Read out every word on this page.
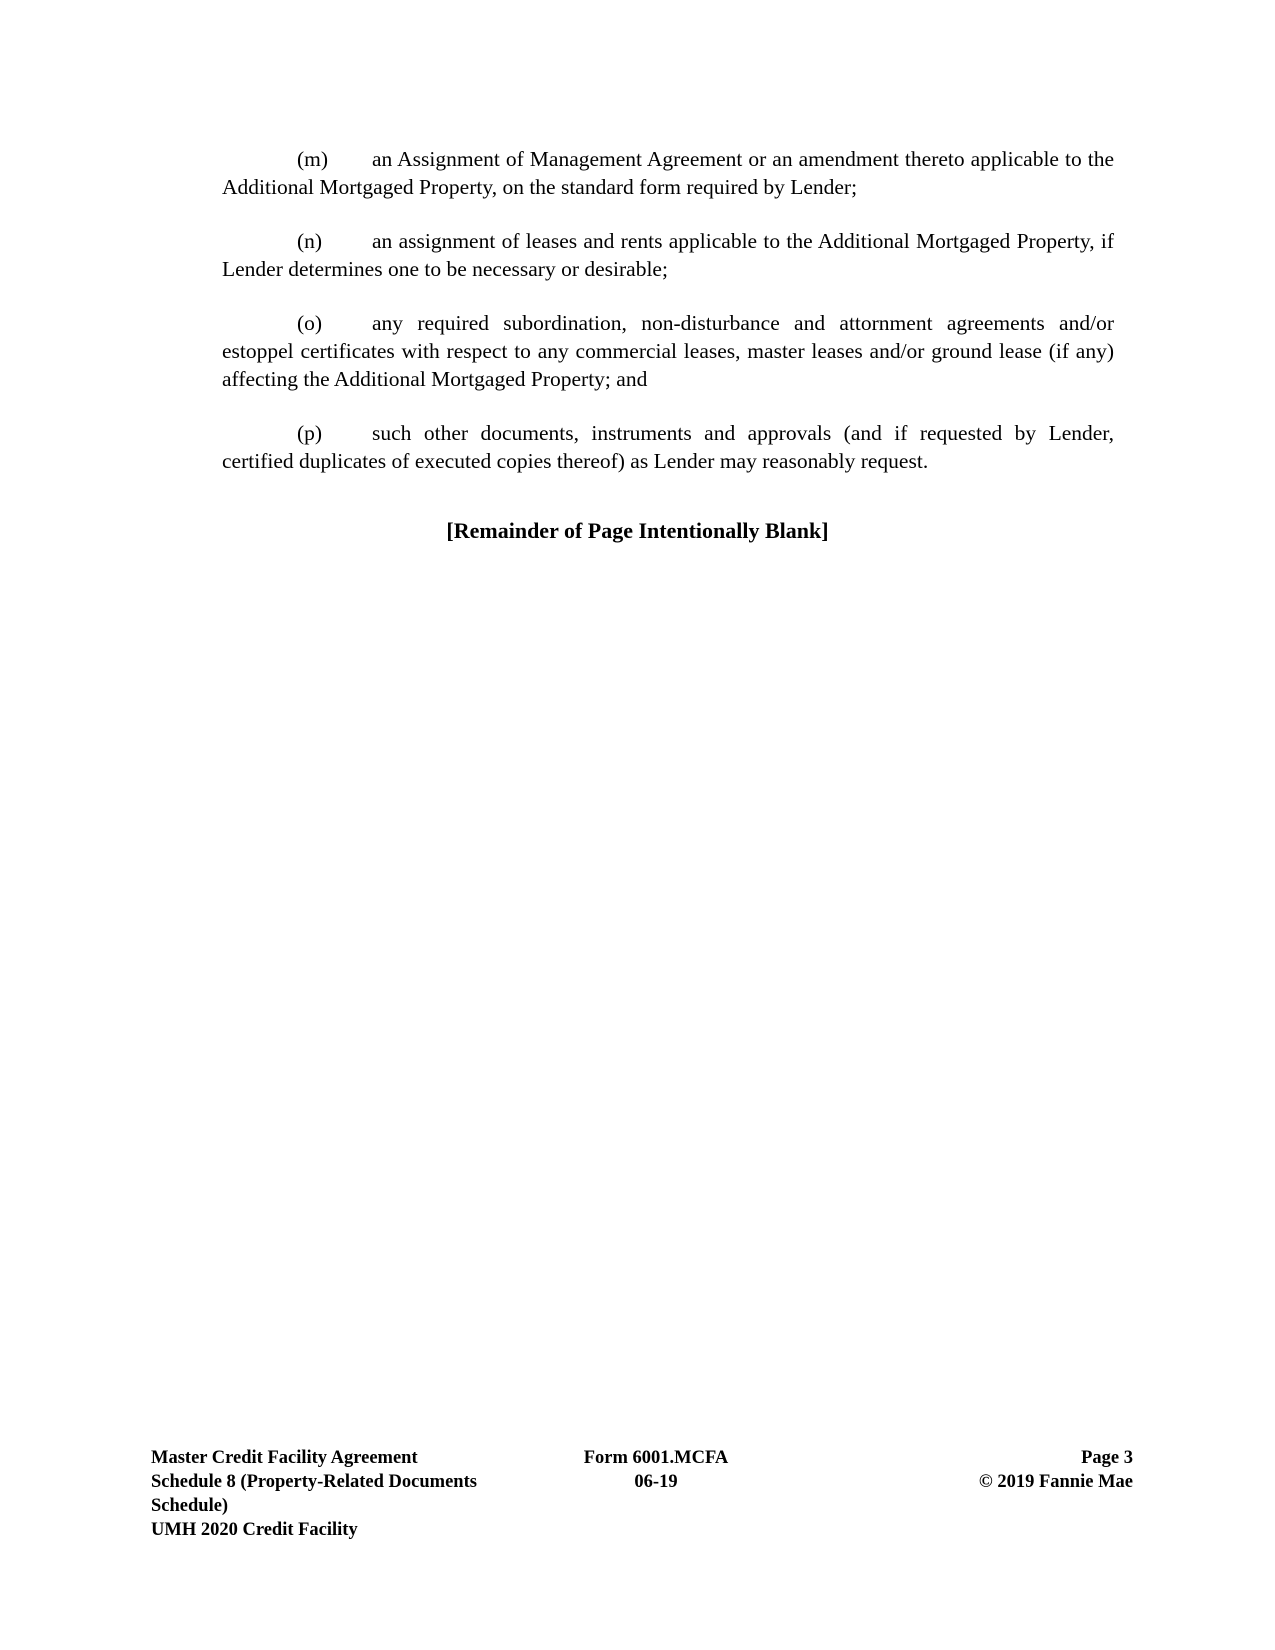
(m) an Assignment of Management Agreement or an amendment thereto applicable to the Additional Mortgaged Property, on the standard form required by Lender;

(n) an assignment of leases and rents applicable to the Additional Mortgaged Property, if Lender determines one to be necessary or desirable;

(o) any required subordination, non-disturbance and attornment agreements and/or estoppel certificates with respect to any commercial leases, master leases and/or ground lease (if any) affecting the Additional Mortgaged Property; and

(p) such other documents, instruments and approvals (and if requested by Lender, certified duplicates of executed copies thereof) as Lender may reasonably request.

[Remainder of Page Intentionally Blank]
Master Credit Facility Agreement
Schedule 8 (Property-Related Documents
Schedule)
UMH 2020 Credit Facility
Form 6001.MCFA
06-19
Page 3
© 2019 Fannie Mae
